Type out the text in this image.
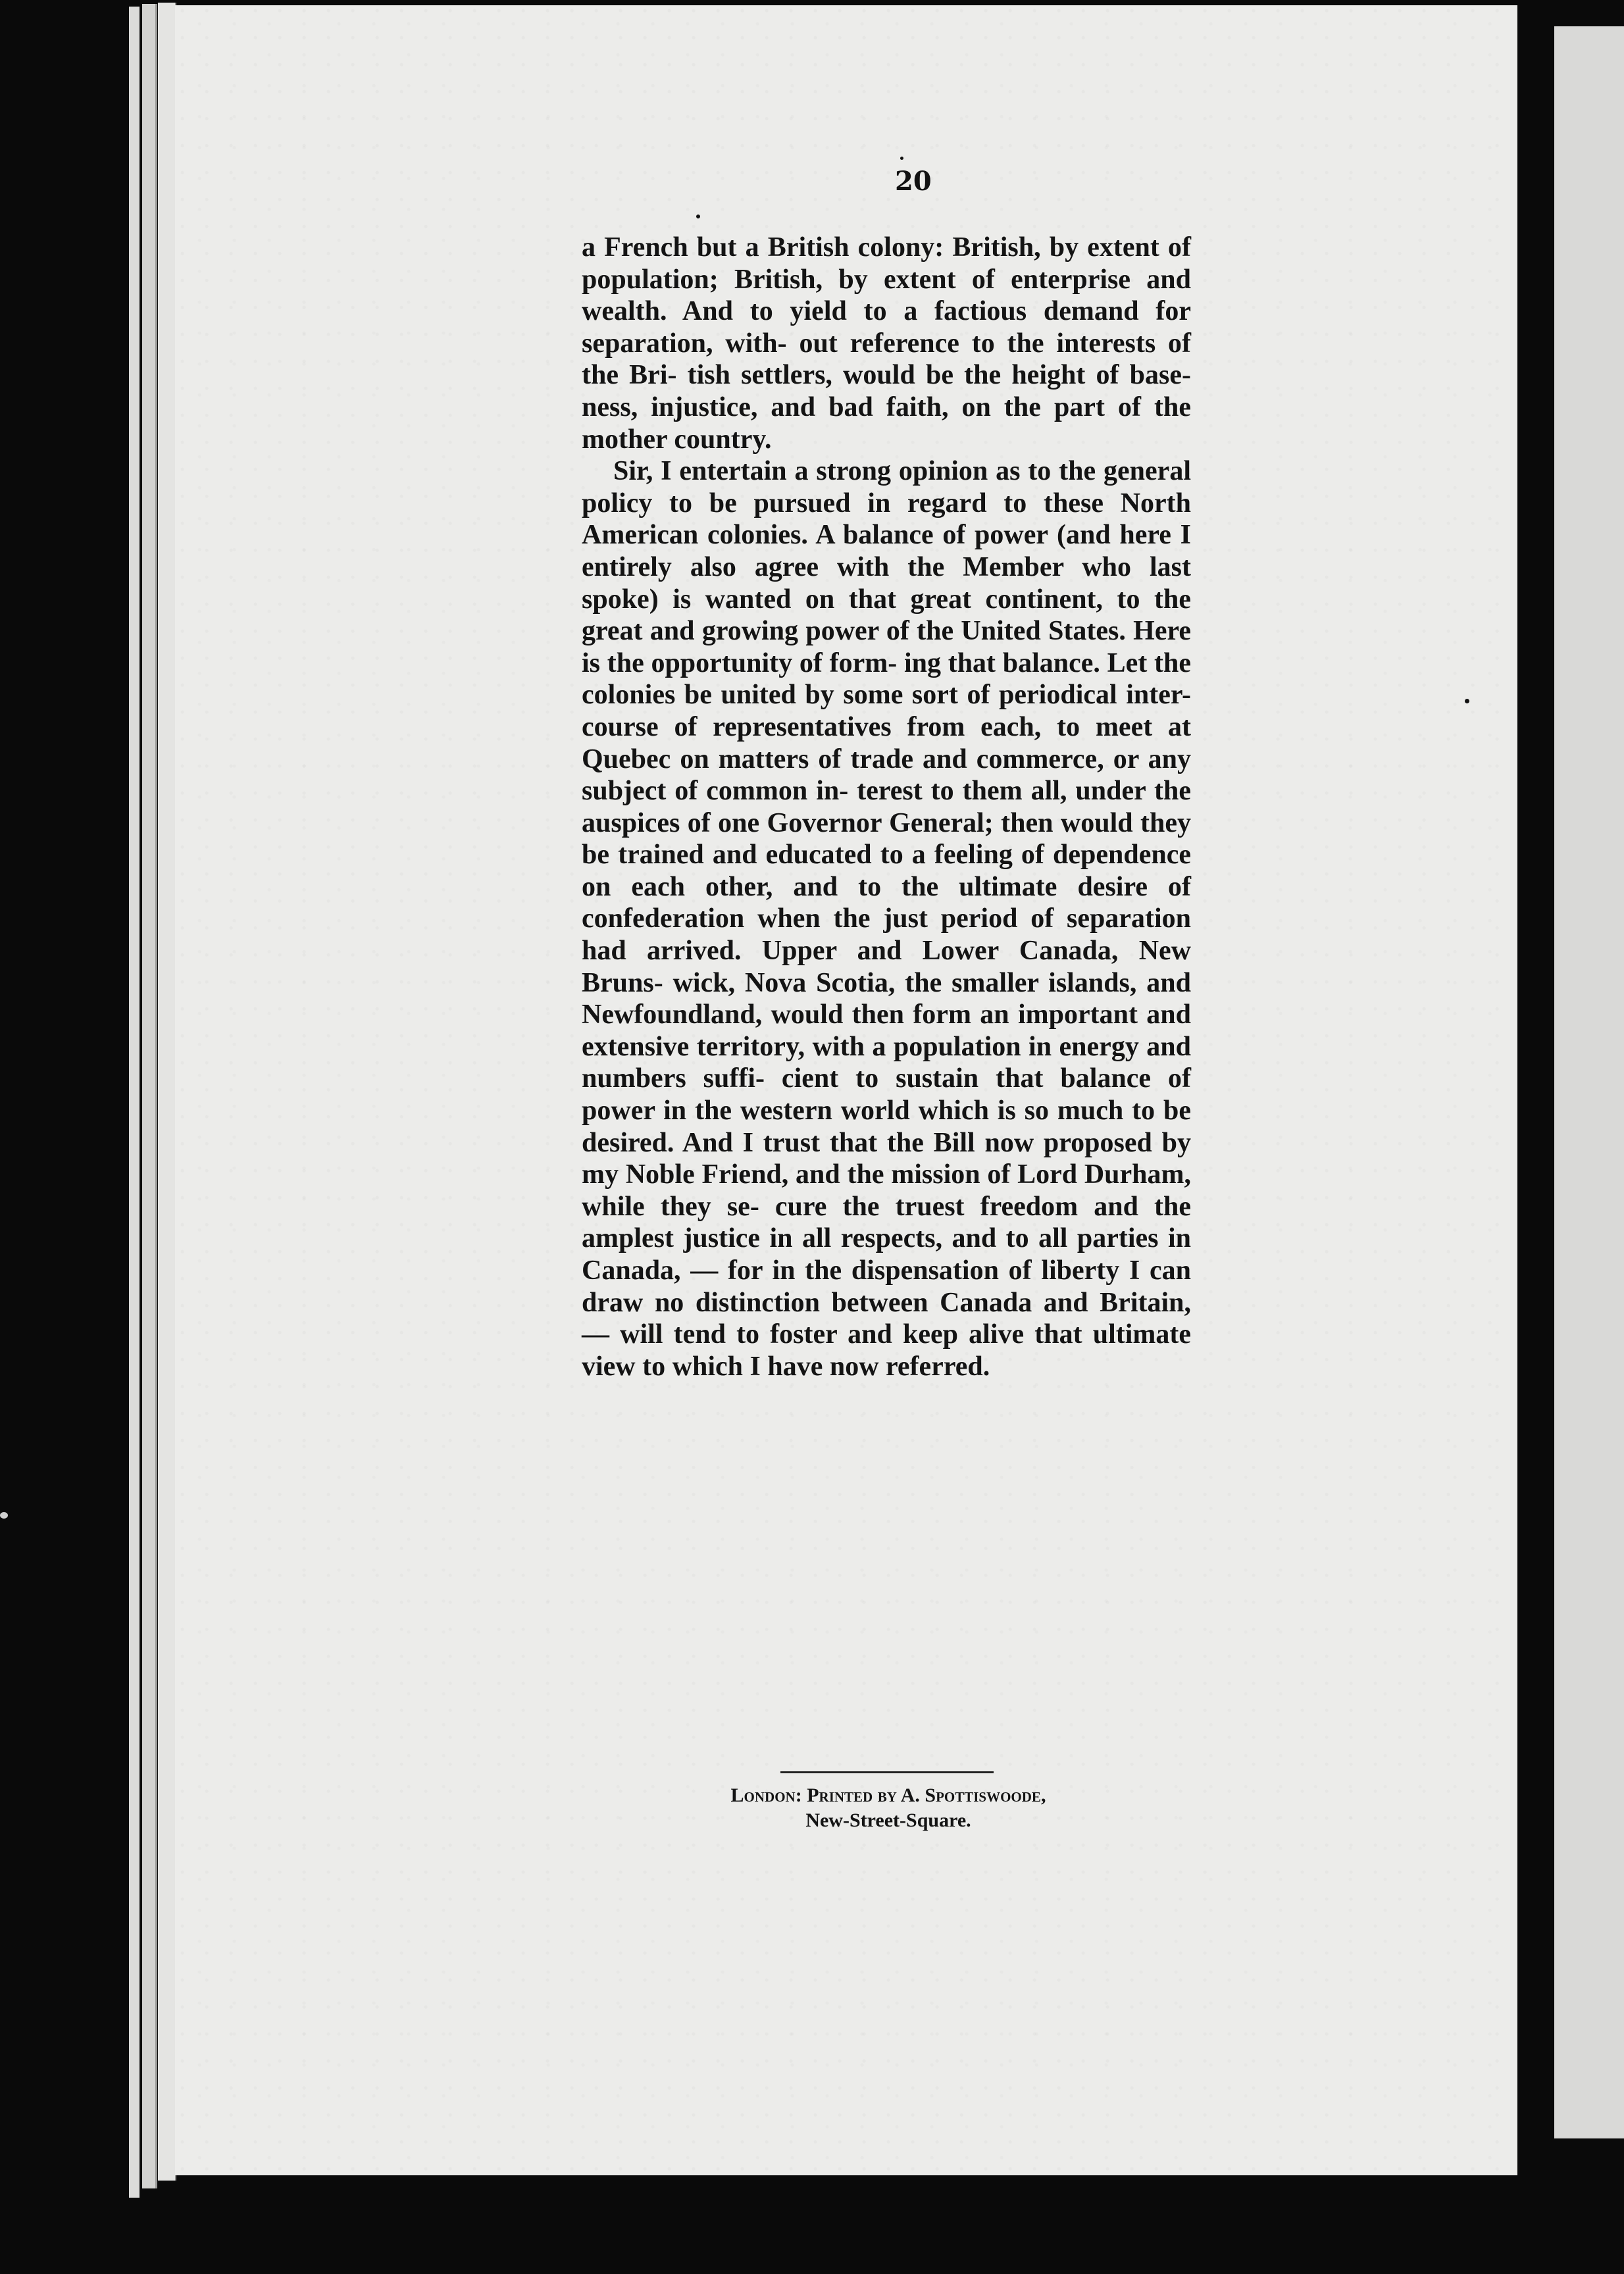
20

a French but a British colony: British, by extent of population; British, by extent of enterprise and wealth. And to yield to a factious demand for separation, with- out reference to the interests of the Bri- tish settlers, would be the height of base- ness, injustice, and bad faith, on the part of the mother country.

Sir, I entertain a strong opinion as to the general policy to be pursued in regard to these North American colonies. A balance of power (and here I entirely also agree with the Member who last spoke) is wanted on that great continent, to the great and growing power of the United States. Here is the opportunity of form- ing that balance. Let the colonies be united by some sort of periodical inter- course of representatives from each, to meet at Quebec on matters of trade and commerce, or any subject of common in- terest to them all, under the auspices of one Governor General; then would they be trained and educated to a feeling of dependence on each other, and to the ultimate desire of confederation when the just period of separation had arrived. Upper and Lower Canada, New Bruns- wick, Nova Scotia, the smaller islands, and Newfoundland, would then form an important and extensive territory, with a population in energy and numbers suffi- cient to sustain that balance of power in the western world which is so much to be desired. And I trust that the Bill now proposed by my Noble Friend, and the mission of Lord Durham, while they se- cure the truest freedom and the amplest justice in all respects, and to all parties in Canada, — for in the dispensation of liberty I can draw no distinction between Canada and Britain, — will tend to foster and keep alive that ultimate view to which I have now referred.

London: Printed by A. Spottiswoode,
New-Street-Square.
